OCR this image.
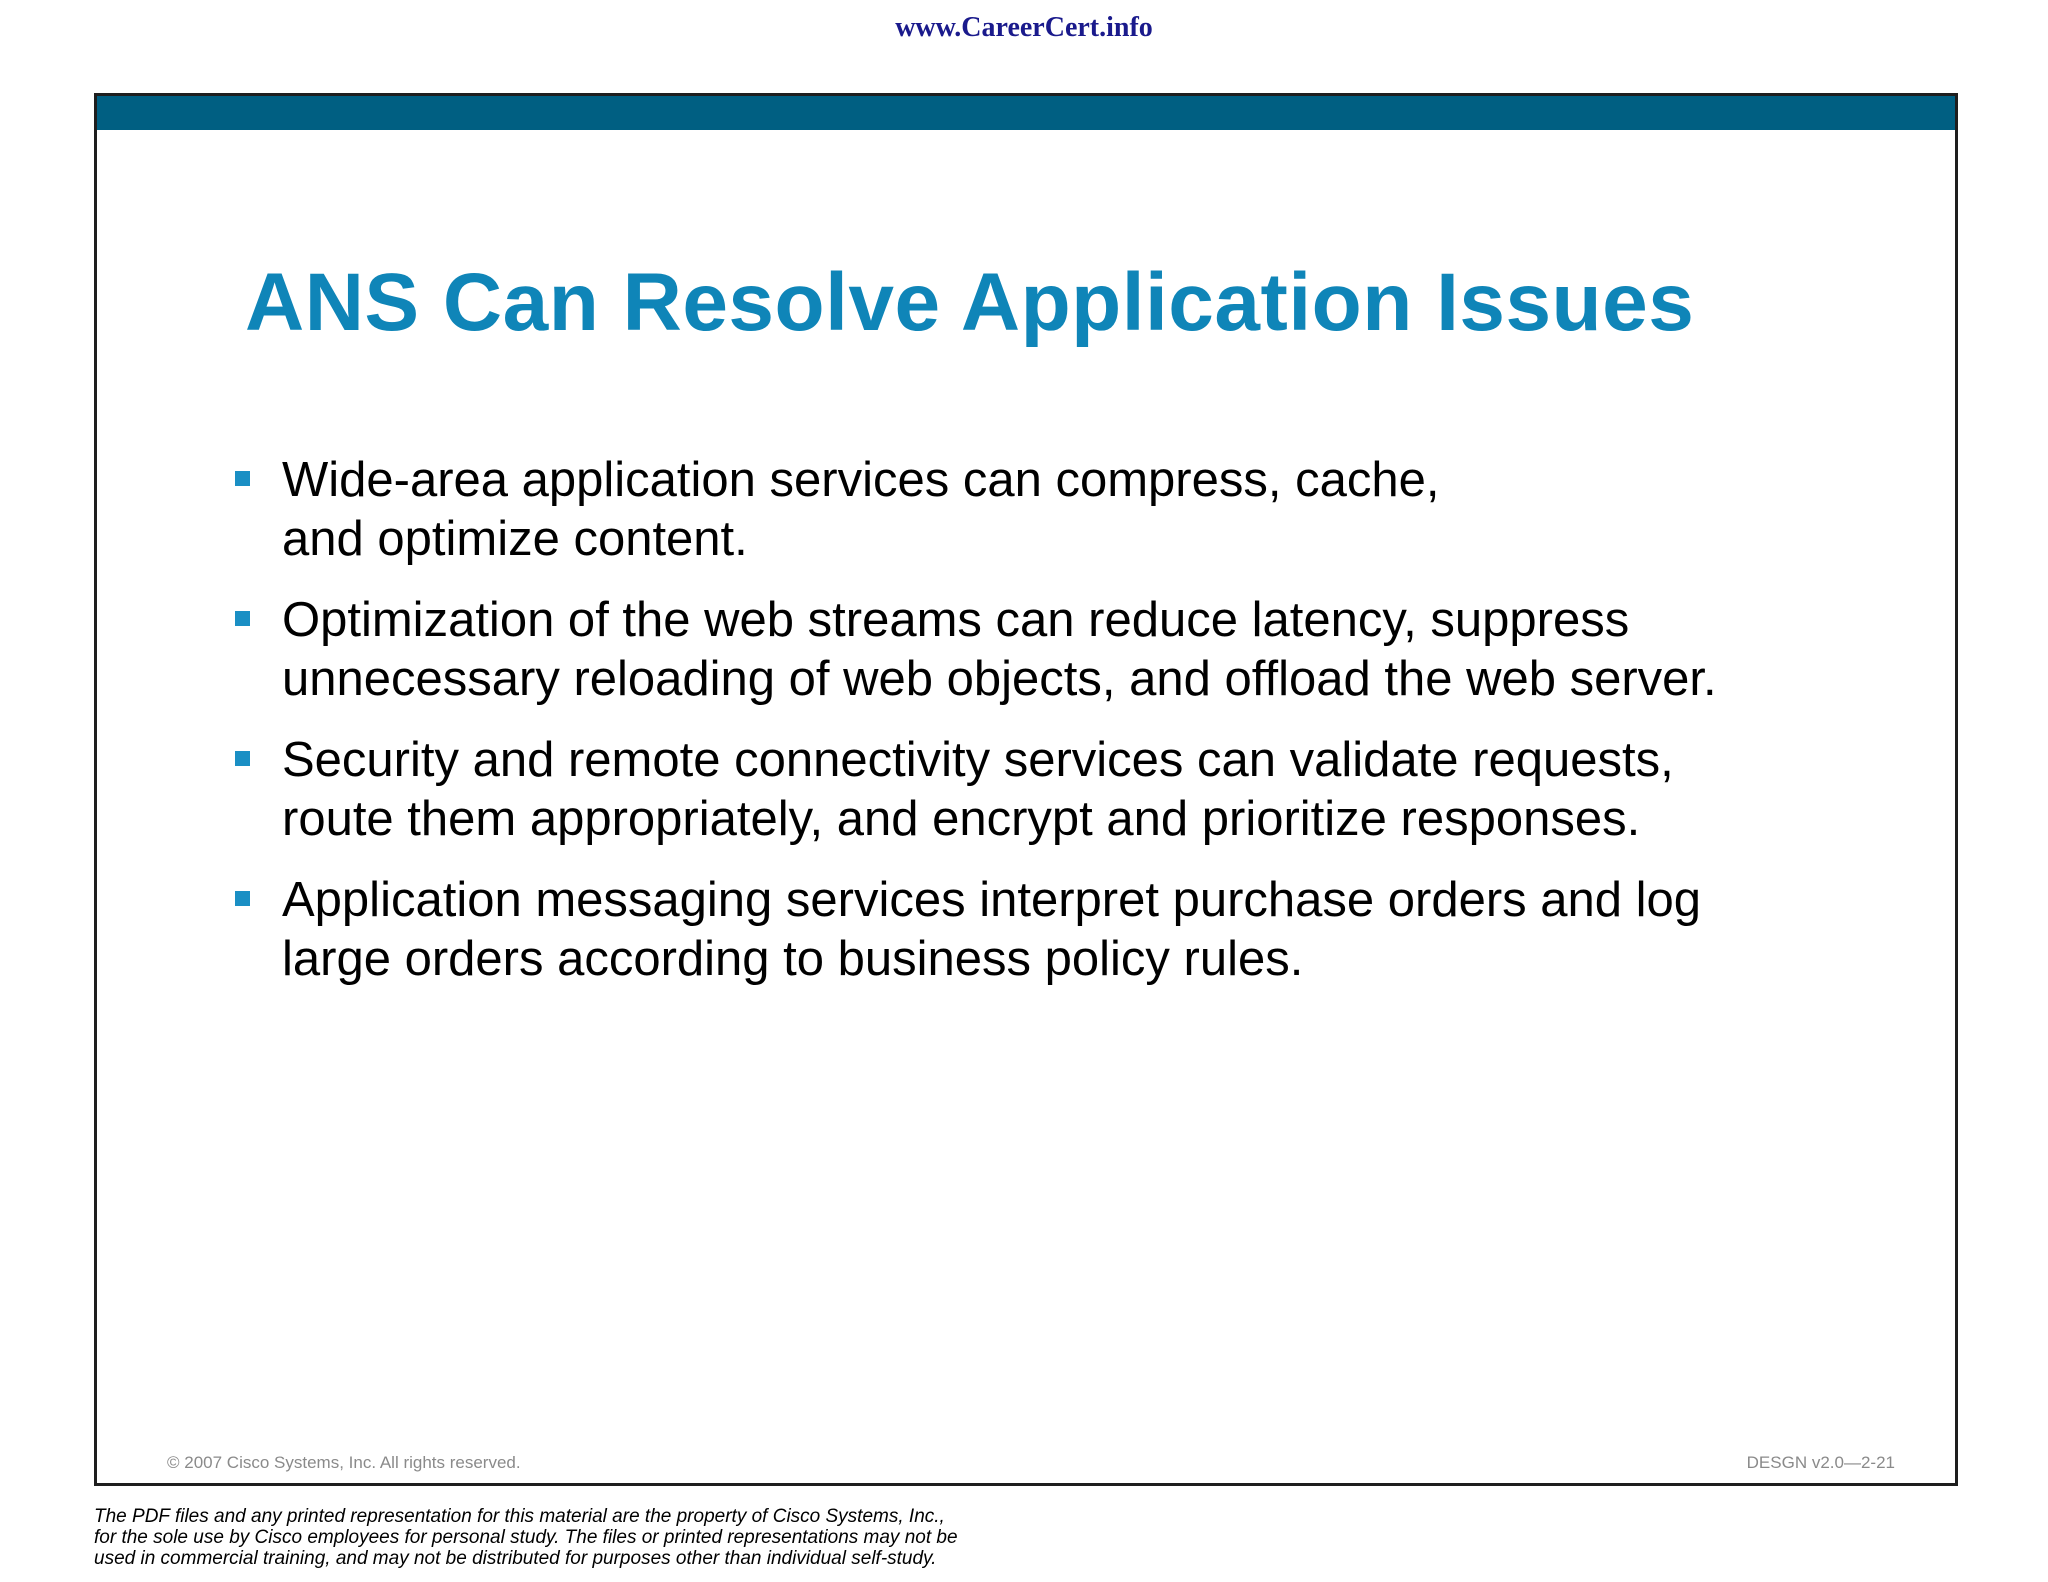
www.CareerCert.info
ANS Can Resolve Application Issues
Wide-area application services can compress, cache,
and optimize content.
Optimization of the web streams can reduce latency, suppress
unnecessary reloading of web objects, and offload the web server.
Security and remote connectivity services can validate requests,
route them appropriately, and encrypt and prioritize responses.
Application messaging services interpret purchase orders and log
large orders according to business policy rules.
© 2007 Cisco Systems, Inc. All rights reserved.	DESGN v2.0—2-21
The PDF files and any printed representation for this material are the property of Cisco Systems, Inc.,
for the sole use by Cisco employees for personal study. The files or printed representations may not be
used in commercial training, and may not be distributed for purposes other than individual self-study.
